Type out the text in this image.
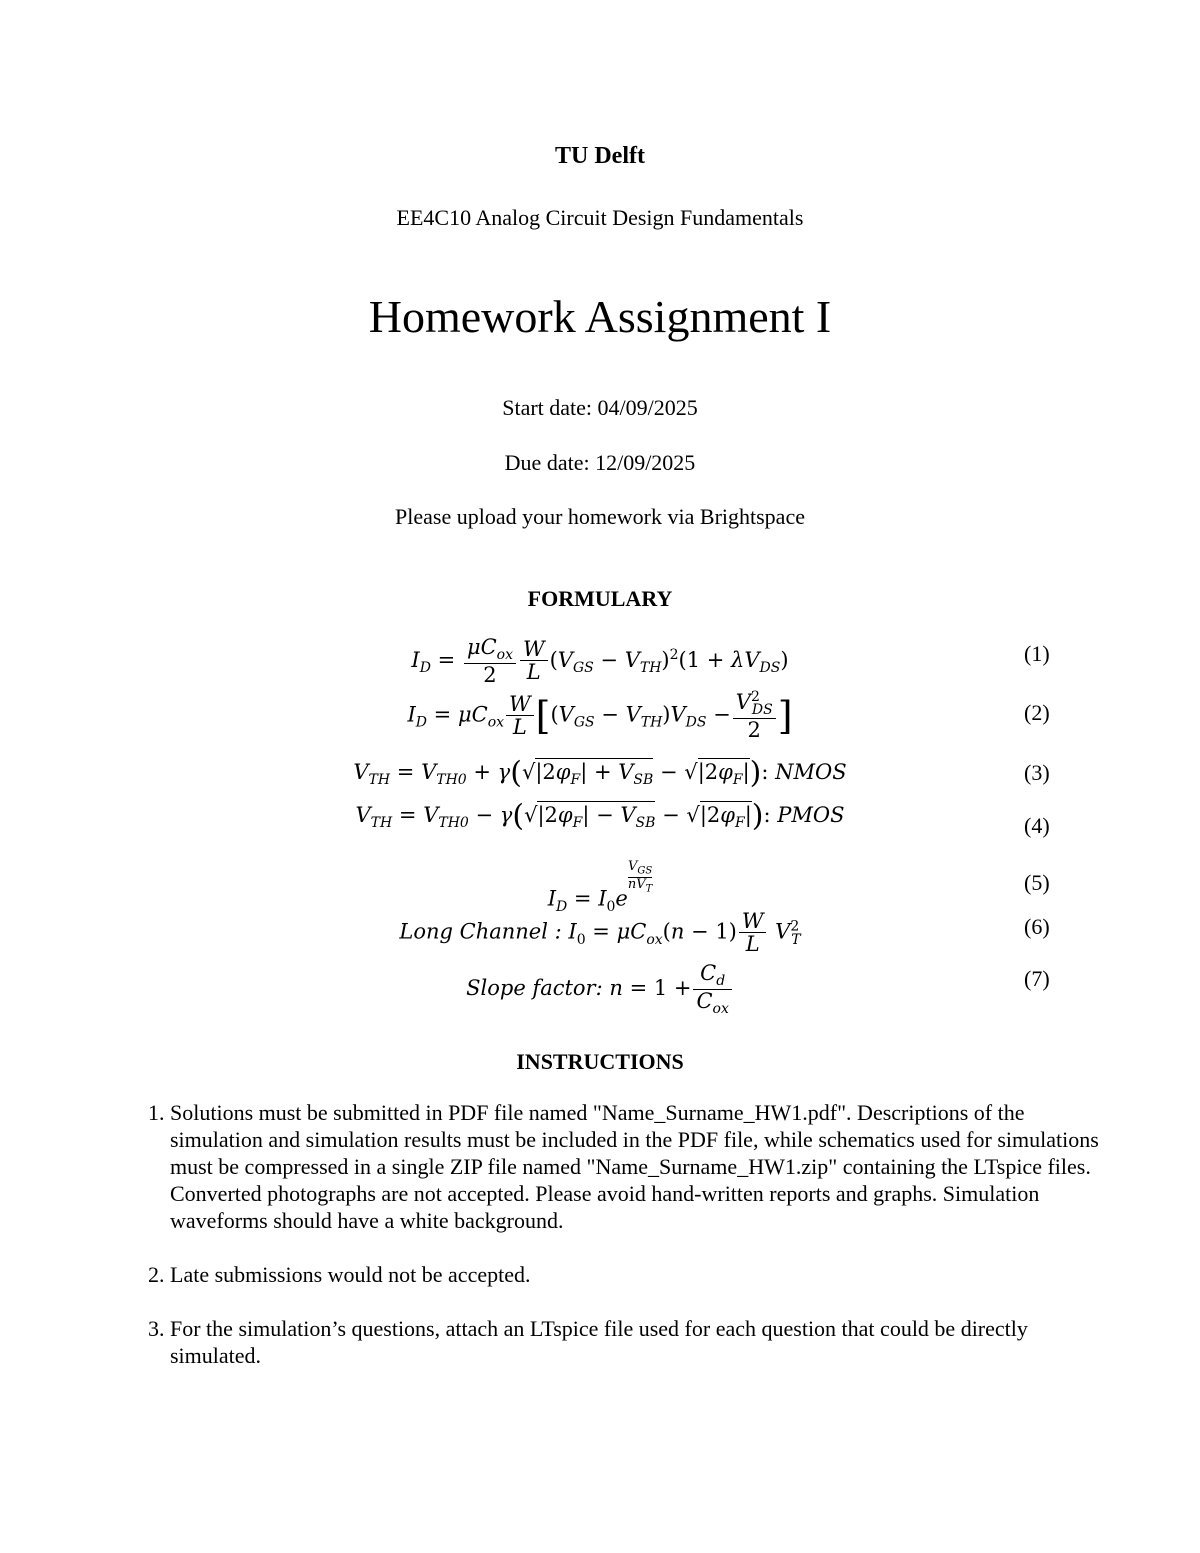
TU Delft
EE4C10 Analog Circuit Design Fundamentals
Homework Assignment I
Start date: 04/09/2025
Due date: 12/09/2025
Please upload your homework via Brightspace
FORMULARY
$I_D = \frac{\mu C_{ox}}{2} \frac{W}{L} (V_{GS} - V_{TH})^2(1 + \lambda V_{DS})$	(1)
$I_D = \mu C_{ox} \frac{W}{L} [(V_{GS} - V_{TH})V_{DS} - \frac{V^2_{DS}}{2}$ ]	(2)
$V_{TH} = V_{TH0} + \gamma(√|2\varphi_F| + V_{SB} - √|2\varphi_F|)$: NMOS	(3)
$V_{TH} = V_{TH0} - \gamma(√|2\varphi_F| - V_{SB} - √|2\varphi_F|)$: PMOS	(4)
$I_D = I_0e$
$V_{GS}$
$nV_T$	(5)
Long Channel : $I_0 = \mu C_{ox}(n - 1) \frac{W}{L} V^2_T$
(6)
Slope factor: $n = 1 + \frac{C_d}{C_{ox}}$	(7)
INSTRUCTIONS
1. Solutions must be submitted in PDF file named "Name_Surname_HW1.pdf". Descriptions of the simulation and simulation results must be included in the PDF file, while schematics used for simulations must be compressed in a single ZIP file named "Name_Surname_HW1.zip" containing the LTspice files. Converted photographs are not accepted. Please avoid hand-written reports and graphs. Simulation waveforms should have a white background.
2. Late submissions would not be accepted.
3. For the simulation’s questions, attach an LTspice file used for each question that could be directly simulated.
